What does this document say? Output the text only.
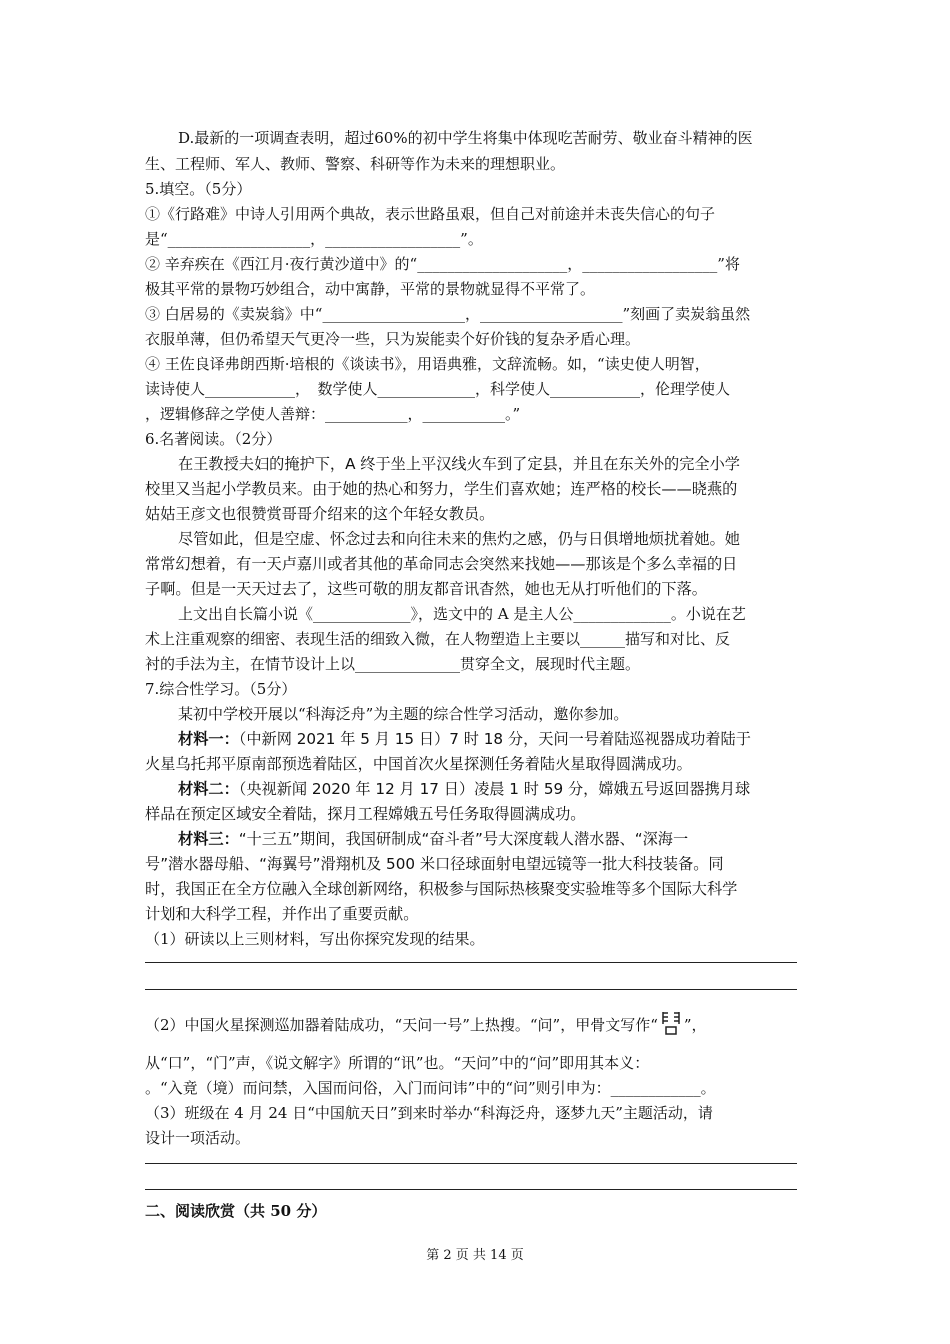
D.最新的一项调查表明，超过60%的初中学生将集中体现吃苦耐劳、敬业奋斗精神的医
生、工程师、军人、教师、警察、科研等作为未来的理想职业。
5.填空。（5分）
①《行路难》中诗人引用两个典故，表示世路虽艰，但自己对前途并未丧失信心的句子
是“___________________，__________________”。
② 辛弃疾在《西江月·夜行黄沙道中》的“____________________，__________________”将
极其平常的景物巧妙组合，动中寓静，平常的景物就显得不平常了。
③ 白居易的《卖炭翁》中“___________________，___________________”刻画了卖炭翁虽然
衣服单薄，但仍希望天气更冷一些，只为炭能卖个好价钱的复杂矛盾心理。
④ 王佐良译弗朗西斯·培根的《谈读书》，用语典雅，文辞流畅。如，“读史使人明智，
读诗使人____________，　数学使人_____________，科学使人____________，伦理学使人
，逻辑修辞之学使人善辩：___________，___________。”
6.名著阅读。（2分）
在王教授夫妇的掩护下，A 终于坐上平汉线火车到了定县，并且在东关外的完全小学
校里又当起小学教员来。由于她的热心和努力，学生们喜欢她；连严格的校长——晓燕的
姑姑王彦文也很赞赏哥哥介绍来的这个年轻女教员。
尽管如此，但是空虚、怀念过去和向往未来的焦灼之感，仍与日俱增地烦扰着她。她
常常幻想着，有一天卢嘉川或者其他的革命同志会突然来找她——那该是个多么幸福的日
子啊。但是一天天过去了，这些可敬的朋友都音讯杳然，她也无从打听他们的下落。
上文出自长篇小说《_____________》，选文中的 A 是主人公_____________。小说在艺
术上注重观察的细密、表现生活的细致入微，在人物塑造上主要以______描写和对比、反
衬的手法为主，在情节设计上以______________贯穿全文，展现时代主题。
7.综合性学习。（5分）
某初中学校开展以“科海泛舟”为主题的综合性学习活动，邀你参加。
材料一：（中新网 2021 年 5 月 15 日）7 时 18 分，天问一号着陆巡视器成功着陆于
火星乌托邦平原南部预选着陆区，中国首次火星探测任务着陆火星取得圆满成功。
材料二：（央视新闻 2020 年 12 月 17 日）凌晨 1 时 59 分，嫦娥五号返回器携月球
样品在预定区域安全着陆，探月工程嫦娥五号任务取得圆满成功。
材料三：“十三五”期间，我国研制成“奋斗者”号大深度载人潜水器、“深海一
号”潜水器母船、“海翼号”滑翔机及 500 米口径球面射电望远镜等一批大科技装备。同
时，我国正在全方位融入全球创新网络，积极参与国际热核聚变实验堆等多个国际大科学
计划和大科学工程，并作出了重要贡献。
（1）研读以上三则材料，写出你探究发现的结果。
（2）中国火星探测巡加器着陆成功，“天问一号”上热搜。“问”，甲骨文写作“ ”，
从“口”，“门”声，《说文解字》所谓的“讯”也。“天问”中的“问”即用其本义：
。“入竟（境）而问禁，入国而问俗，入门而问讳”中的“问”则引申为：____________。
（3）班级在 4 月 24 日“中国航天日”到来时举办“科海泛舟，逐梦九天”主题活动，请
设计一项活动。
二、阅读欣赏（共 50 分）
第 2 页 共 14 页
